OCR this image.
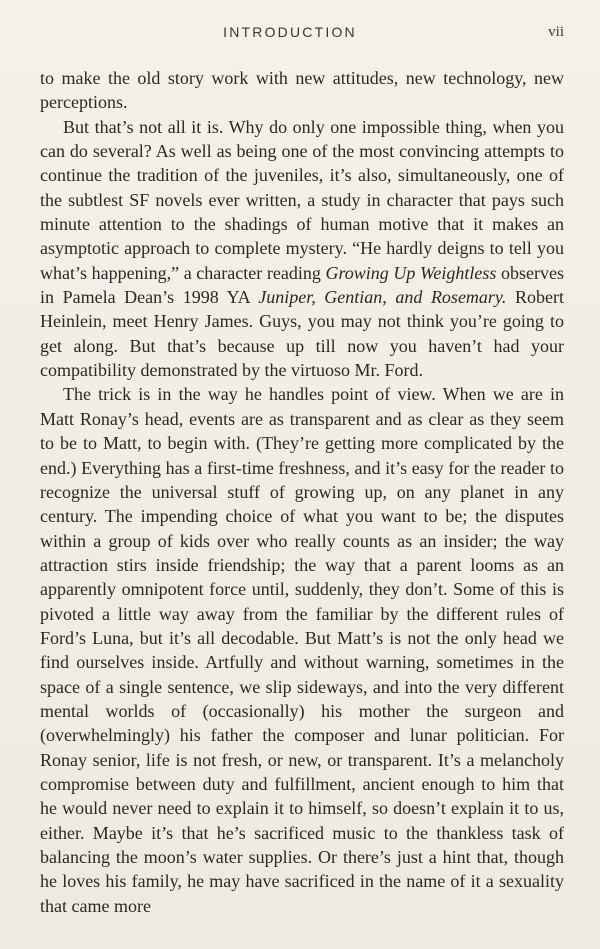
INTRODUCTION	vii

to make the old story work with new attitudes, new technology, new perceptions.

But that’s not all it is. Why do only one impossible thing, when you can do several? As well as being one of the most convincing attempts to continue the tradition of the juveniles, it’s also, simultaneously, one of the subtlest SF novels ever written, a study in character that pays such minute attention to the shadings of human motive that it makes an asymptotic approach to complete mystery. “He hardly deigns to tell you what’s happening,” a character reading Growing Up Weightless observes in Pamela Dean’s 1998 YA Juniper, Gentian, and Rosemary. Robert Heinlein, meet Henry James. Guys, you may not think you’re going to get along. But that’s because up till now you haven’t had your compatibility demonstrated by the virtuoso Mr. Ford.

The trick is in the way he handles point of view. When we are in Matt Ronay’s head, events are as transparent and as clear as they seem to be to Matt, to begin with. (They’re getting more complicated by the end.) Everything has a first-time freshness, and it’s easy for the reader to recognize the universal stuff of growing up, on any planet in any century. The impending choice of what you want to be; the disputes within a group of kids over who really counts as an insider; the way attraction stirs inside friendship; the way that a parent looms as an apparently omnipotent force until, suddenly, they don’t. Some of this is pivoted a little way away from the familiar by the different rules of Ford’s Luna, but it’s all decodable. But Matt’s is not the only head we find ourselves inside. Artfully and without warning, sometimes in the space of a single sentence, we slip sideways, and into the very different mental worlds of (occasionally) his mother the surgeon and (overwhelmingly) his father the composer and lunar politician. For Ronay senior, life is not fresh, or new, or transparent. It’s a melancholy compromise between duty and fulfillment, ancient enough to him that he would never need to explain it to himself, so doesn’t explain it to us, either. Maybe it’s that he’s sacrificed music to the thankless task of balancing the moon’s water supplies. Or there’s just a hint that, though he loves his family, he may have sacrificed in the name of it a sexuality that came more
